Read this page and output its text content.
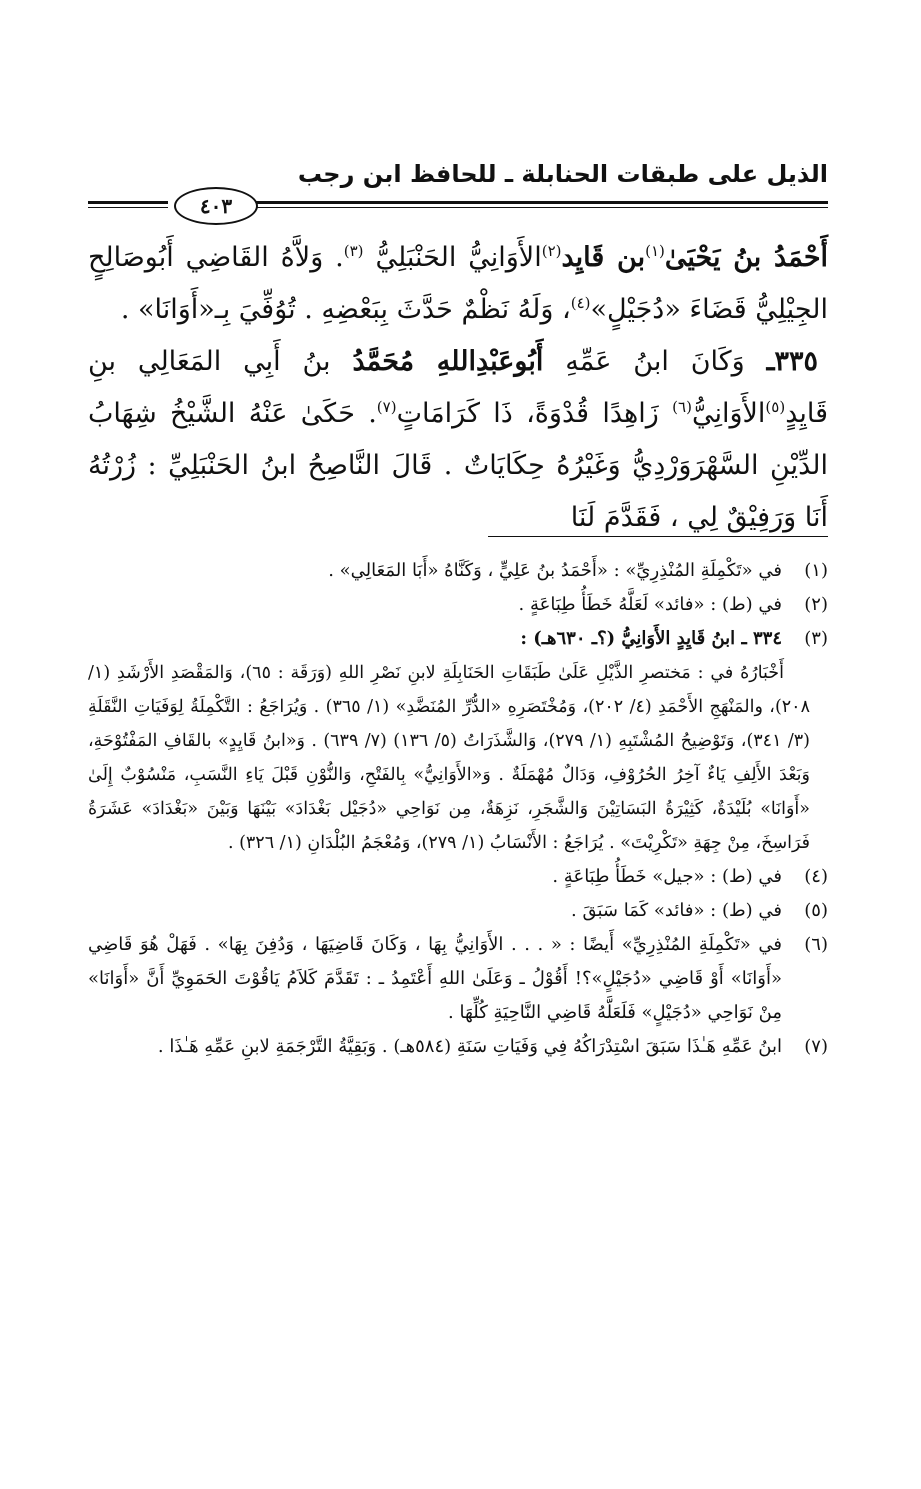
الذيل على طبقات الحنابلة ـ للحافظ ابن رجب
٤٠٣

أَحْمَدُ بنُ يَحْيَىٰ$^{(١)}$بن قَايِد$^{(٢)}$الأَوَانِيُّ الحَنْبَلِيُّ $^{(٣)}$. وَلاَّهُ القَاضِي أَبُوصَالِحٍ الجِيْلِيُّ قَضَاءَ «دُجَيْلٍ»$^{(٤)}$، وَلَهُ نَظْمٌ حَدَّثَ بِبَعْضِهِ . تُوُفِّيَ بِـ«أَوَانَا» .

٣٣٥ـ وَكَانَ ابنُ عَمِّهِ أَبُوعَبْدِاللهِ مُحَمَّدُ بنُ أَبِي المَعَالِي بنِ قَايِدٍ$^{(٥)}$الأَوَانِيُّ$^{(٦)}$ زَاهِدًا قُدْوَةً، ذَا كَرَامَاتٍ$^{(٧)}$. حَكَىٰ عَنْهُ الشَّيْخُ شِهَابُ الدِّيْنِ السَّهْرَوَرْدِيُّ وَغَيْرُهُ حِكَايَاتٌ . قَالَ النَّاصِحُ ابنُ الحَنْبَلِيِّ : زُرْتُهُ أَنَا وَرَفِيْقٌ لِي ، فَقَدَّمَ لَنَا

(١)
في «تَكْمِلَةِ المُنْذِرِيِّ» : «أَحْمَدُ بنُ عَلِيٍّ ، وَكَنَّاهُ «أَبَا المَعَالِي» .
(٢)
في (ط) : «فائد» لَعَلَّهُ خَطَأُ طِبَاعَةٍ .
(٣)
٣٣٤ ـ ابنُ قَايِدٍ الأَوَانِيُّ (؟ـ ٦٣٠هـ) :

أَخْبَارُهُ في : مَختصرِ الذَّيْلِ عَلَىٰ طَبَقَاتِ الحَنَابِلَةِ لابنِ نَصْرِ اللهِ (وَرَقَة : ٦٥)، وَالمَقْصَدِ الأَرْشَدِ (١/ ٢٠٨)، والمَنْهَجِ الأَحْمَدِ (٤/ ٢٠٢)، وَمُخْتَصَرِهِ «الدُّرِّ المُنَضَّدِ» (١/ ٣٦٥) . وَيُرَاجَعُ : التَّكْمِلَةُ لِوَفَيَاتِ النَّقَلَةِ (٣/ ٣٤١)، وَتَوْضِيحُ المُشْتَبِهِ (١/ ٢٧٩)، وَالشَّذَرَاتُ (٥/ ١٣٦) (٧/ ٦٣٩) . وَ«ابنُ قَايِدٍ» بالقَافِ المَفْتُوْحَةِ، وَبَعْدَ الأَلِفِ يَاءٌ آخِرُ الحُرُوْفِ، وَدَالٌ مُهْمَلَةٌ . وَ«الأَوَانِيُّ» بِالفَتْحِ، وَالنُّوْنِ قَبْلَ يَاءِ النَّسَبِ، مَنْسُوْبٌ إِلَىٰ «أَوَانَا» بُلَيْدَةٌ، كَثِيْرَةُ البَسَاتِيْنَ وَالشَّجَرِ، نَزِهَةٌ، مِن نَوَاحِي «دُجَيْل بَغْدَادَ» بَيْنَهَا وَبَيْنَ «بَغْدَادَ» عَشَرَةُ فَرَاسِخَ، مِنْ جِهَةِ «تَكْرِيْتَ» . يُرَاجَعُ : الأَنْسَابُ (١/ ٢٧٩)، وَمُعْجَمُ البُلْدَانِ (١/ ٣٢٦) .

(٤)
في (ط) : «جيل» خَطَأُ طِبَاعَةٍ .
(٥)
في (ط) : «فائد» كَمَا سَبَقَ .
(٦)
في «تَكْمِلَةِ المُنْذِرِيِّ» أَيضًا : « . . . الأَوَانِيُّ بِهَا ، وَكَانَ قَاضِيَهَا ، وَدُفِنَ بِهَا» . فَهَلْ هُوَ قَاضِي «أَوَانَا» أَوْ قَاضِي «دُجَيْلٍ»؟! أَقُوْلُ ـ وَعَلَىٰ اللهِ أَعْتَمِدُ ـ : تَقَدَّمَ كَلاَمُ يَاقُوْتَ الحَمَوِيِّ أَنَّ «أَوَانَا» مِنْ نَوَاحِي «دُجَيْلٍ» فَلَعَلَّهُ قَاضِي النَّاحِيَةِ كُلِّهَا .
(٧)
ابنُ عَمِّهِ هَـٰذَا سَبَقَ اسْتِدْرَاكُهُ فِي وَفَيَاتِ سَنَةِ (٥٨٤هـ) . وَبَقِيَّةُ التَّرْجَمَةِ لابنِ عَمِّهِ هَـٰذَا .
